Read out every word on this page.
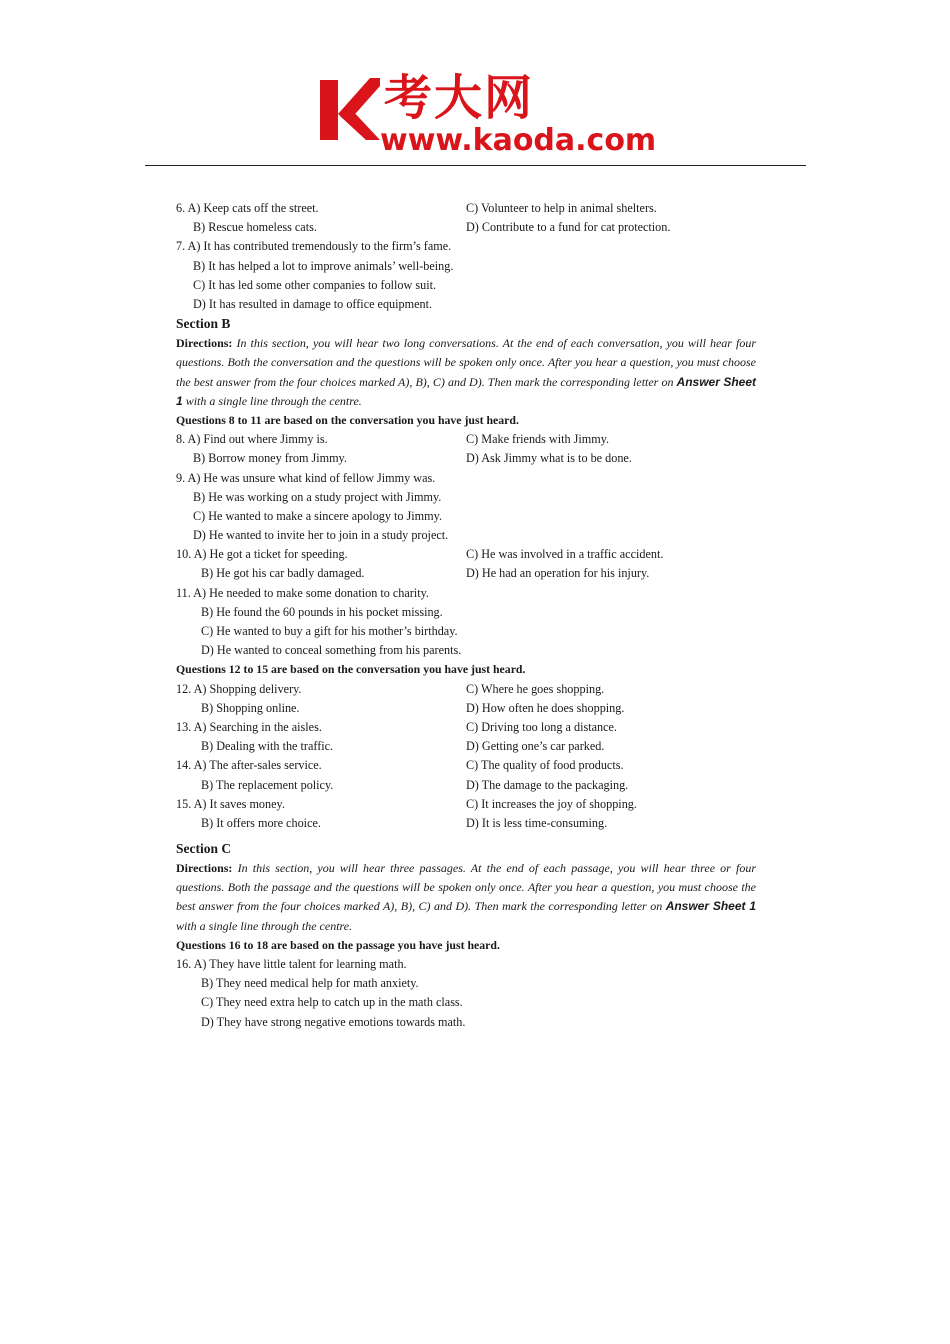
考大网
www.kaoda.com
6. A) Keep cats off the street.	C) Volunteer to help in animal shelters.
B) Rescue homeless cats.	D) Contribute to a fund for cat protection.
7. A) It has contributed tremendously to the firm’s fame.
B) It has helped a lot to improve animals’ well-being.
C) It has led some other companies to follow suit.
D) It has resulted in damage to office equipment.
Section B
Directions: In this section, you will hear two long conversations. At the end of each conversation, you will hear four questions. Both the conversation and the questions will be spoken only once. After you hear a question, you must choose the best answer from the four choices marked A), B), C) and D). Then mark the corresponding letter on Answer Sheet 1 with a single line through the centre.
Questions 8 to 11 are based on the conversation you have just heard.
8. A) Find out where Jimmy is.	C) Make friends with Jimmy.
B) Borrow money from Jimmy.	D) Ask Jimmy what is to be done.
9. A) He was unsure what kind of fellow Jimmy was.
B) He was working on a study project with Jimmy.
C) He wanted to make a sincere apology to Jimmy.
D) He wanted to invite her to join in a study project.
10. A) He got a ticket for speeding.	C) He was involved in a traffic accident.
B) He got his car badly damaged.	D) He had an operation for his injury.
11. A) He needed to make some donation to charity.
B) He found the 60 pounds in his pocket missing.
C) He wanted to buy a gift for his mother’s birthday.
D) He wanted to conceal something from his parents.
Questions 12 to 15 are based on the conversation you have just heard.
12. A) Shopping delivery.	C) Where he goes shopping.
B) Shopping online.	D) How often he does shopping.
13. A) Searching in the aisles.	C) Driving too long a distance.
B) Dealing with the traffic.	D) Getting one’s car parked.
14. A) The after-sales service.	C) The quality of food products.
B) The replacement policy.	D) The damage to the packaging.
15. A) It saves money.	C) It increases the joy of shopping.
B) It offers more choice.	D) It is less time-consuming.
Section C
Directions: In this section, you will hear three passages. At the end of each passage, you will hear three or four questions. Both the passage and the questions will be spoken only once. After you hear a question, you must choose the best answer from the four choices marked A), B), C) and D). Then mark the corresponding letter on Answer Sheet 1 with a single line through the centre.
Questions 16 to 18 are based on the passage you have just heard.
16. A) They have little talent for learning math.
B) They need medical help for math anxiety.
C) They need extra help to catch up in the math class.
D) They have strong negative emotions towards math.
